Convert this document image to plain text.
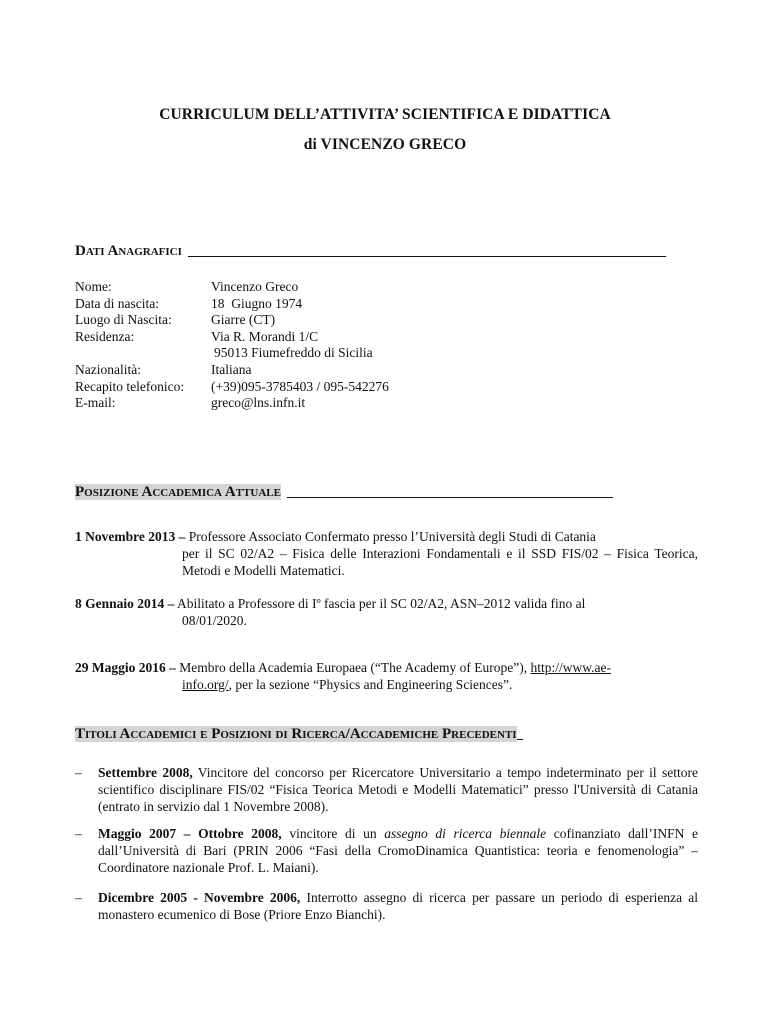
CURRICULUM DELL’ATTIVITA’ SCIENTIFICA E DIDATTICA
di VINCENZO GRECO
Dati Anagrafici
Nome:	Vincenzo Greco
Data di nascita:	18  Giugno 1974
Luogo di Nascita:	Giarre (CT)
Residenza:	Via R. Morandi 1/C
95013 Fiumefreddo di Sicilia
Nazionalità:	Italiana
Recapito telefonico:	(+39)095-3785403 / 095-542276
E-mail:	greco@lns.infn.it
Posizione Accademica Attuale
1 Novembre 2013 – Professore Associato Confermato presso l’Università degli Studi di Catania
per il SC 02/A2 – Fisica delle Interazioni Fondamentali e il SSD FIS/02 – Fisica Teorica, Metodi e Modelli Matematici.
8 Gennaio 2014 – Abilitato a Professore di Iº fascia per il SC 02/A2, ASN–2012 valida fino al
08/01/2020.
29 Maggio 2016 – Membro della Academia Europaea (“The Academy of Europe”), http://www.ae-
info.org/, per la sezione “Physics and Engineering Sciences”.
Titoli Accademici e Posizioni di Ricerca/Accademiche Precedenti
– Settembre 2008, Vincitore del concorso per Ricercatore Universitario a tempo indeterminato per il settore scientifico disciplinare FIS/02 “Fisica Teorica Metodi e Modelli Matematici” presso l'Università di Catania (entrato in servizio dal 1 Novembre 2008).
– Maggio 2007 – Ottobre 2008, vincitore di un assegno di ricerca biennale cofinanziato dall’INFN e dall’Università di Bari (PRIN 2006 “Fasi della CromoDinamica Quantistica: teoria e fenomenologia” – Coordinatore nazionale Prof. L. Maiani).
– Dicembre 2005 - Novembre 2006, Interrotto assegno di ricerca per passare un periodo di esperienza al monastero ecumenico di Bose (Priore Enzo Bianchi).
